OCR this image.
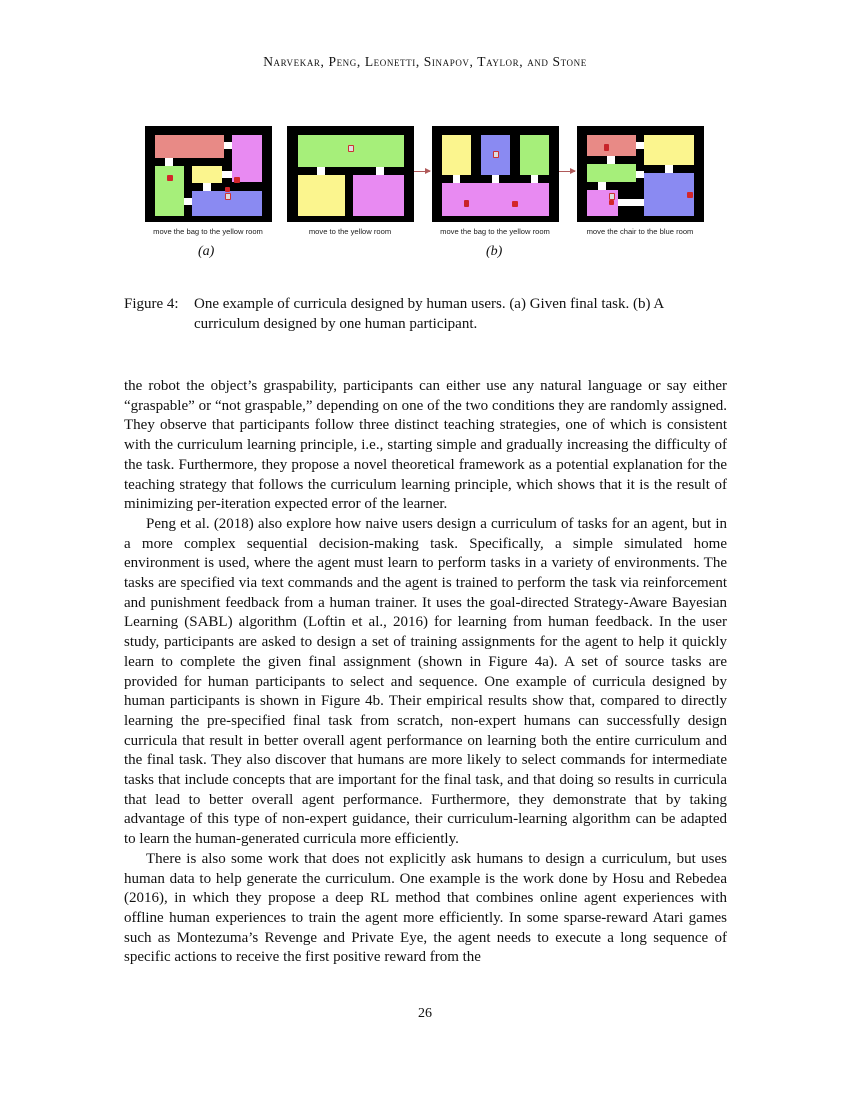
Narvekar, Peng, Leonetti, Sinapov, Taylor, and Stone
move the bag to the yellow room	move to the yellow room	move the bag to the yellow room	move the chair to the blue room
(a)	(b)
Figure 4:	One example of curricula designed by human users. (a) Given final task. (b) A curriculum designed by one human participant.

the robot the object’s graspability, participants can either use any natural language or say either “graspable” or “not graspable,” depending on one of the two conditions they are randomly assigned. They observe that participants follow three distinct teaching strategies, one of which is consistent with the curriculum learning principle, i.e., starting simple and gradually increasing the difficulty of the task. Furthermore, they propose a novel theoretical framework as a potential explanation for the teaching strategy that follows the curriculum learning principle, which shows that it is the result of minimizing per-iteration expected error of the learner.

Peng et al. (2018) also explore how naive users design a curriculum of tasks for an agent, but in a more complex sequential decision-making task. Specifically, a simple simulated home environment is used, where the agent must learn to perform tasks in a variety of environments. The tasks are specified via text commands and the agent is trained to perform the task via reinforcement and punishment feedback from a human trainer. It uses the goal-directed Strategy-Aware Bayesian Learning (SABL) algorithm (Loftin et al., 2016) for learning from human feedback. In the user study, participants are asked to design a set of training assignments for the agent to help it quickly learn to complete the given final assignment (shown in Figure 4a). A set of source tasks are provided for human participants to select and sequence. One example of curricula designed by human participants is shown in Figure 4b. Their empirical results show that, compared to directly learning the pre-specified final task from scratch, non-expert humans can successfully design curricula that result in better overall agent performance on learning both the entire curriculum and the final task. They also discover that humans are more likely to select commands for intermediate tasks that include concepts that are important for the final task, and that doing so results in curricula that lead to better overall agent performance. Furthermore, they demonstrate that by taking advantage of this type of non-expert guidance, their curriculum-learning algorithm can be adapted to learn the human-generated curricula more efficiently.

There is also some work that does not explicitly ask humans to design a curriculum, but uses human data to help generate the curriculum. One example is the work done by Hosu and Rebedea (2016), in which they propose a deep RL method that combines online agent experiences with offline human experiences to train the agent more efficiently. In some sparse-reward Atari games such as Montezuma’s Revenge and Private Eye, the agent needs to execute a long sequence of specific actions to receive the first positive reward from the

26
